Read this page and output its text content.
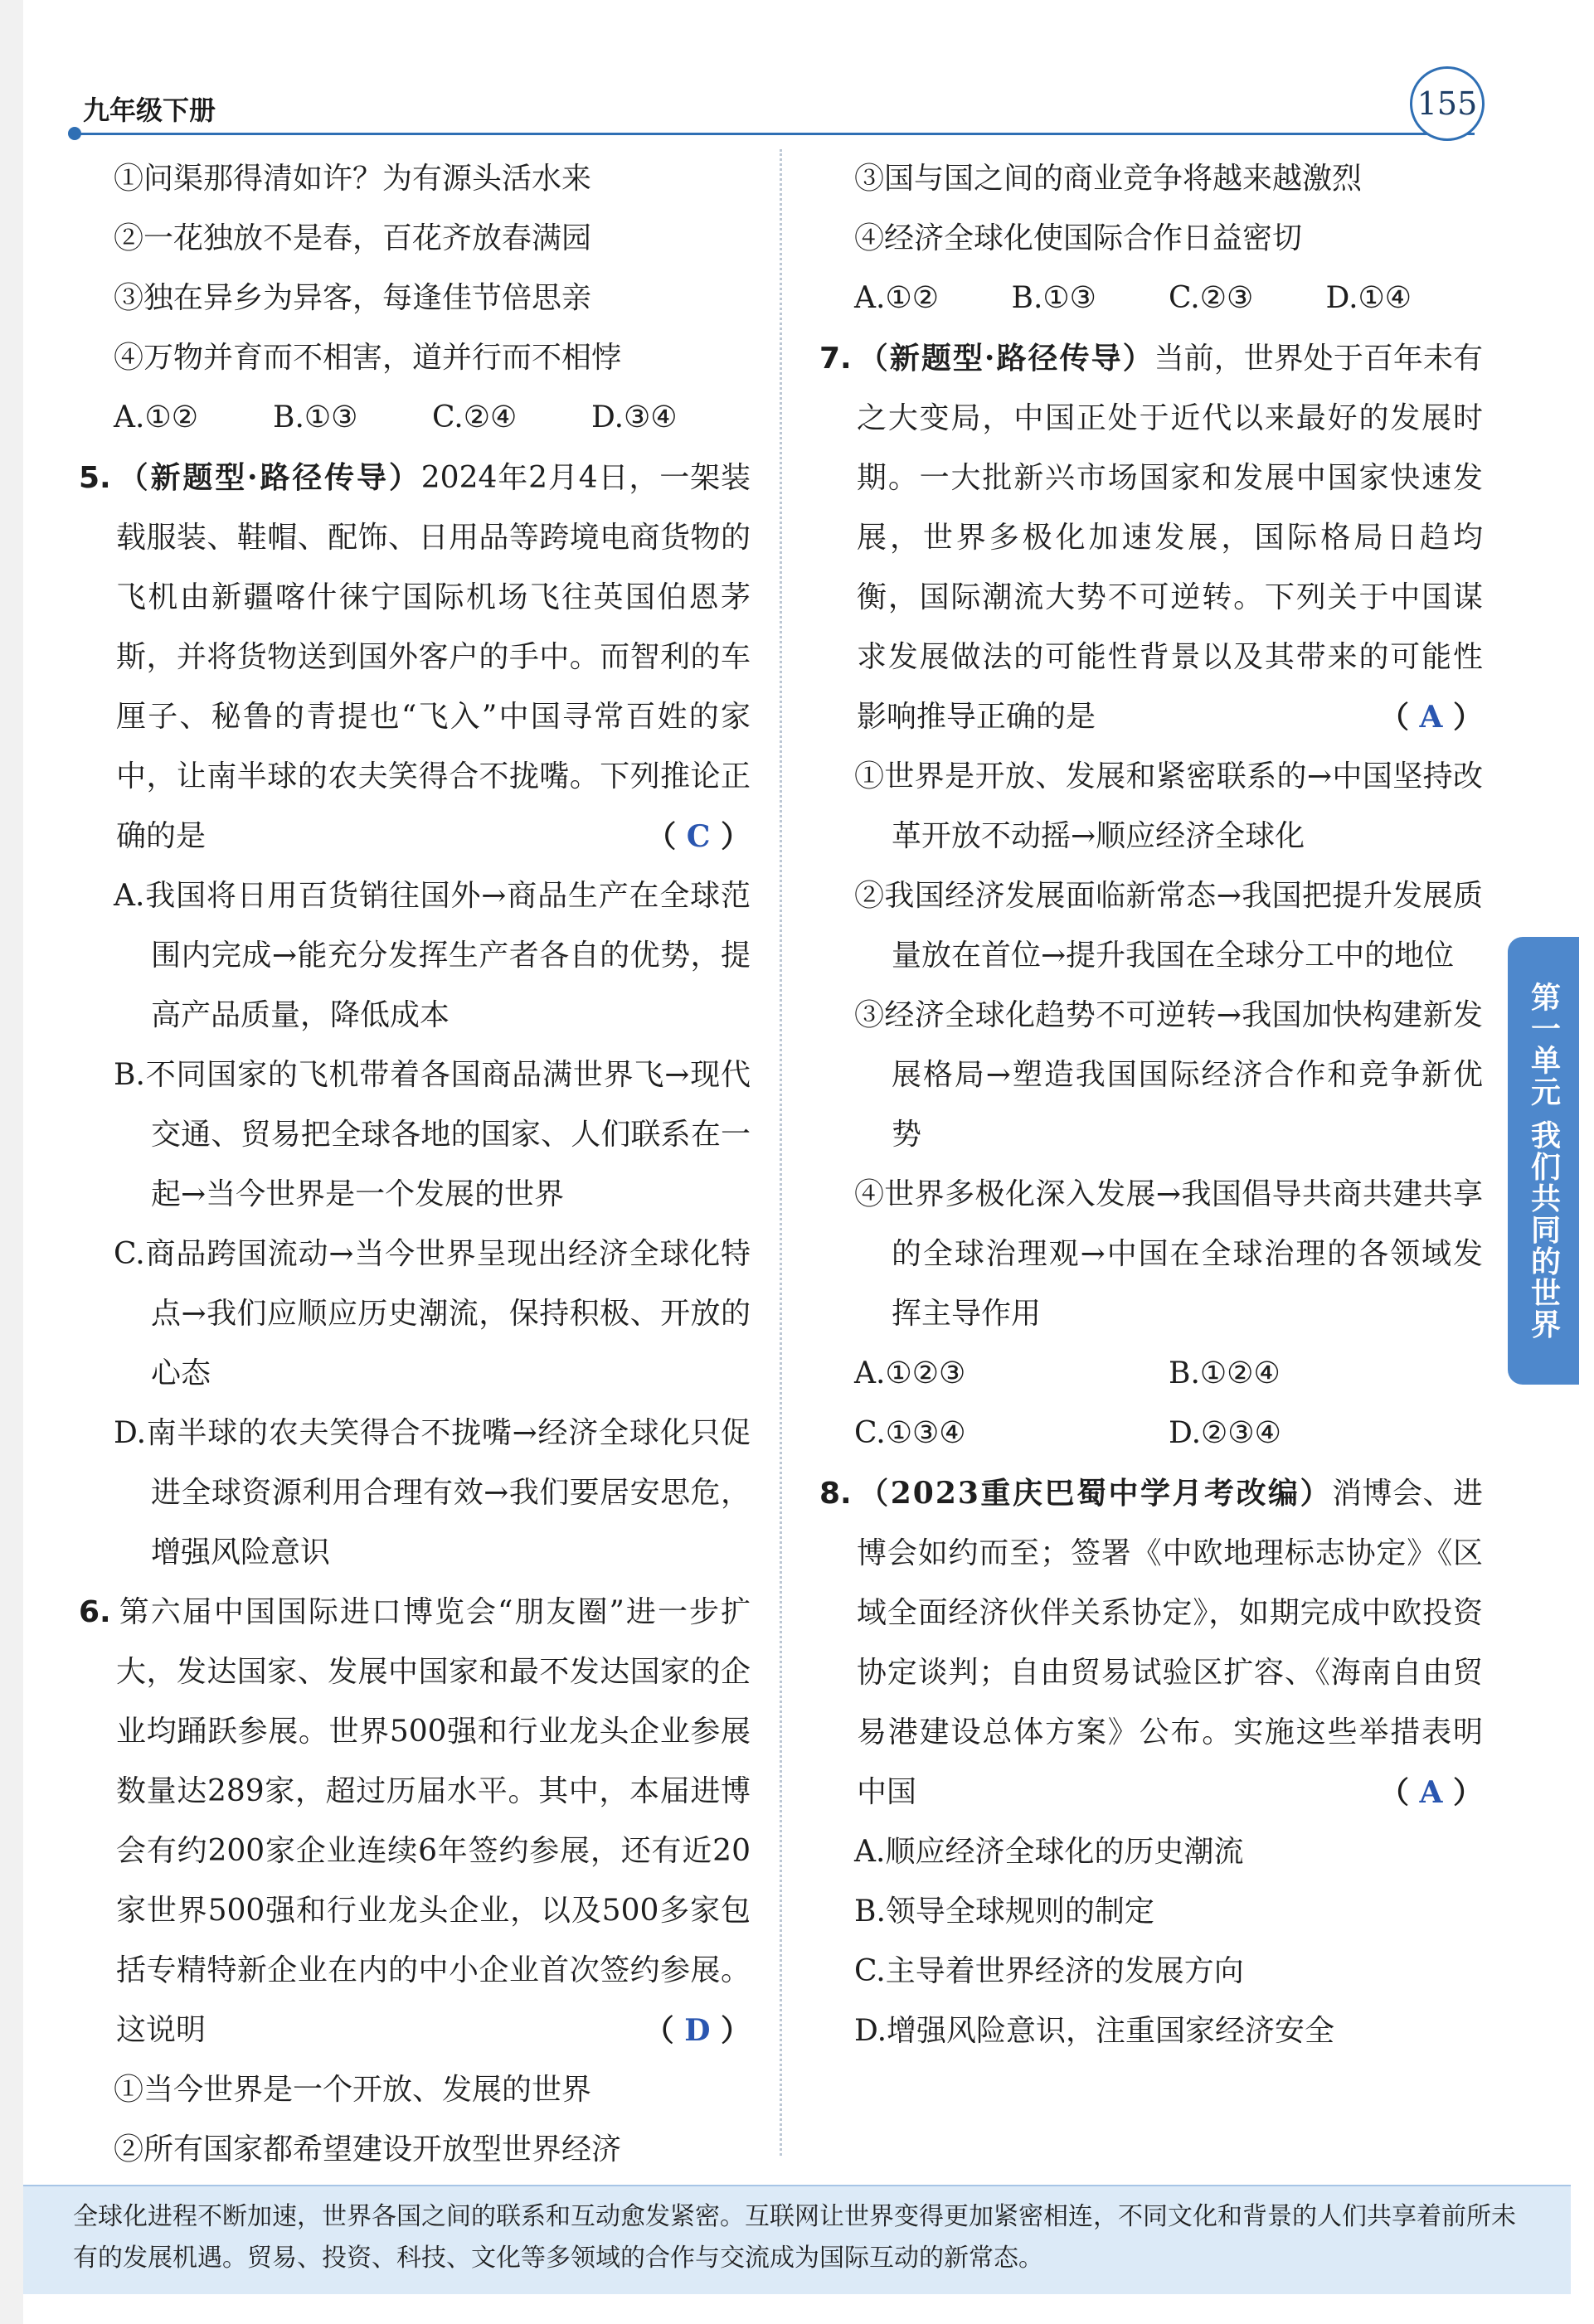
九年级下册	155

①问渠那得清如许？为有源头活水来

②一花独放不是春，百花齐放春满园

③独在异乡为异客，每逢佳节倍思亲

④万物并育而不相害，道并行而不相悖

A.①②	B.①③	C.②④	D.③④
5. （新题型·路径传导）2024年2月4日，一架装载服装、鞋帽、配饰、日用品等跨境电商货物的飞机由新疆喀什徕宁国际机场飞往英国伯恩茅斯，并将货物送到国外客户的手中。而智利的车厘子、秘鲁的青提也“飞入”中国寻常百姓的家中，让南半球的农夫笑得合不拢嘴。下列推论正确的是	（ C ）

A.我国将日用百货销往国外→商品生产在全球范围内完成→能充分发挥生产者各自的优势，提高产品质量，降低成本

B.不同国家的飞机带着各国商品满世界飞→现代交通、贸易把全球各地的国家、人们联系在一起→当今世界是一个发展的世界

C.商品跨国流动→当今世界呈现出经济全球化特点→我们应顺应历史潮流，保持积极、开放的心态

D.南半球的农夫笑得合不拢嘴→经济全球化只促进全球资源利用合理有效→我们要居安思危，增强风险意识

6. 第六届中国国际进口博览会“朋友圈”进一步扩大，发达国家、发展中国家和最不发达国家的企业均踊跃参展。世界500强和行业龙头企业参展数量达289家，超过历届水平。其中，本届进博会有约200家企业连续6年签约参展，还有近20家世界500强和行业龙头企业，以及500多家包括专精特新企业在内的中小企业首次签约参展。这说明	（ D ）

①当今世界是一个开放、发展的世界

②所有国家都希望建设开放型世界经济

③国与国之间的商业竞争将越来越激烈

④经济全球化使国际合作日益密切

A.①②	B.①③	C.②③	D.①④
7. （新题型·路径传导）当前，世界处于百年未有之大变局，中国正处于近代以来最好的发展时期。一大批新兴市场国家和发展中国家快速发展，世界多极化加速发展，国际格局日趋均衡，国际潮流大势不可逆转。下列关于中国谋求发展做法的可能性背景以及其带来的可能性影响推导正确的是	（ A ）

①世界是开放、发展和紧密联系的→中国坚持改革开放不动摇→顺应经济全球化

②我国经济发展面临新常态→我国把提升发展质量放在首位→提升我国在全球分工中的地位

③经济全球化趋势不可逆转→我国加快构建新发展格局→塑造我国国际经济合作和竞争新优势

④世界多极化深入发展→我国倡导共商共建共享的全球治理观→中国在全球治理的各领域发挥主导作用

A.①②③	B.①②④
C.①③④	D.②③④
8. （2023重庆巴蜀中学月考改编）消博会、进博会如约而至；签署《中欧地理标志协定》《区域全面经济伙伴关系协定》，如期完成中欧投资协定谈判；自由贸易试验区扩容、《海南自由贸易港建设总体方案》公布。实施这些举措表明中国	（ A ）

A.顺应经济全球化的历史潮流

B.领导全球规则的制定

C.主导着世界经济的发展方向

D.增强风险意识，注重国家经济安全

第一单元 我们共同的世界
全球化进程不断加速，世界各国之间的联系和互动愈发紧密。互联网让世界变得更加紧密相连，不同文化和背景的人们共享着前所未有的发展机遇。贸易、投资、科技、文化等多领域的合作与交流成为国际互动的新常态。
